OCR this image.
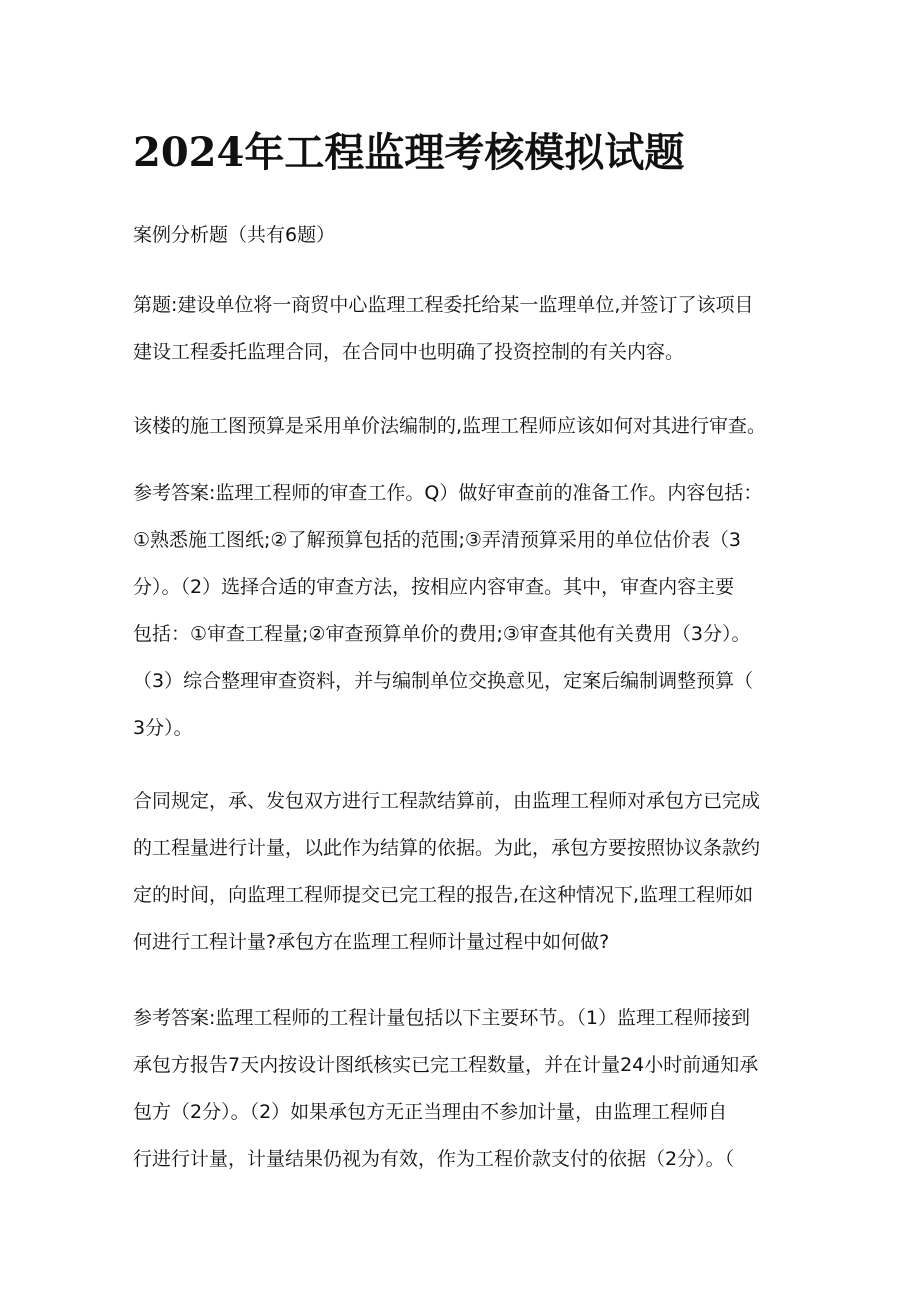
2024年工程监理考核模拟试题
案例分析题（共有6题）
第题:建设单位将一商贸中心监理工程委托给某一监理单位,并签订了该项目
建设工程委托监理合同，在合同中也明确了投资控制的有关内容。
该楼的施工图预算是采用单价法编制的,监理工程师应该如何对其进行审查。
参考答案:监理工程师的审查工作。Q）做好审查前的准备工作。内容包括：
①熟悉施工图纸;②了解预算包括的范围;③弄清预算采用的单位估价表（3
分）。（2）选择合适的审查方法，按相应内容审查。其中，审查内容主要
包括：①审查工程量;②审查预算单价的费用;③审查其他有关费用（3分）。
（3）综合整理审查资料，并与编制单位交换意见，定案后编制调整预算（
3分）。
合同规定，承、发包双方进行工程款结算前，由监理工程师对承包方已完成
的工程量进行计量，以此作为结算的依据。为此，承包方要按照协议条款约
定的时间，向监理工程师提交已完工程的报告,在这种情况下,监理工程师如
何进行工程计量?承包方在监理工程师计量过程中如何做?
参考答案:监理工程师的工程计量包括以下主要环节。（1）监理工程师接到
承包方报告7天内按设计图纸核实已完工程数量，并在计量24小时前通知承
包方（2分）。（2）如果承包方无正当理由不参加计量，由监理工程师自
行进行计量，计量结果仍视为有效，作为工程价款支付的依据（2分）。（
